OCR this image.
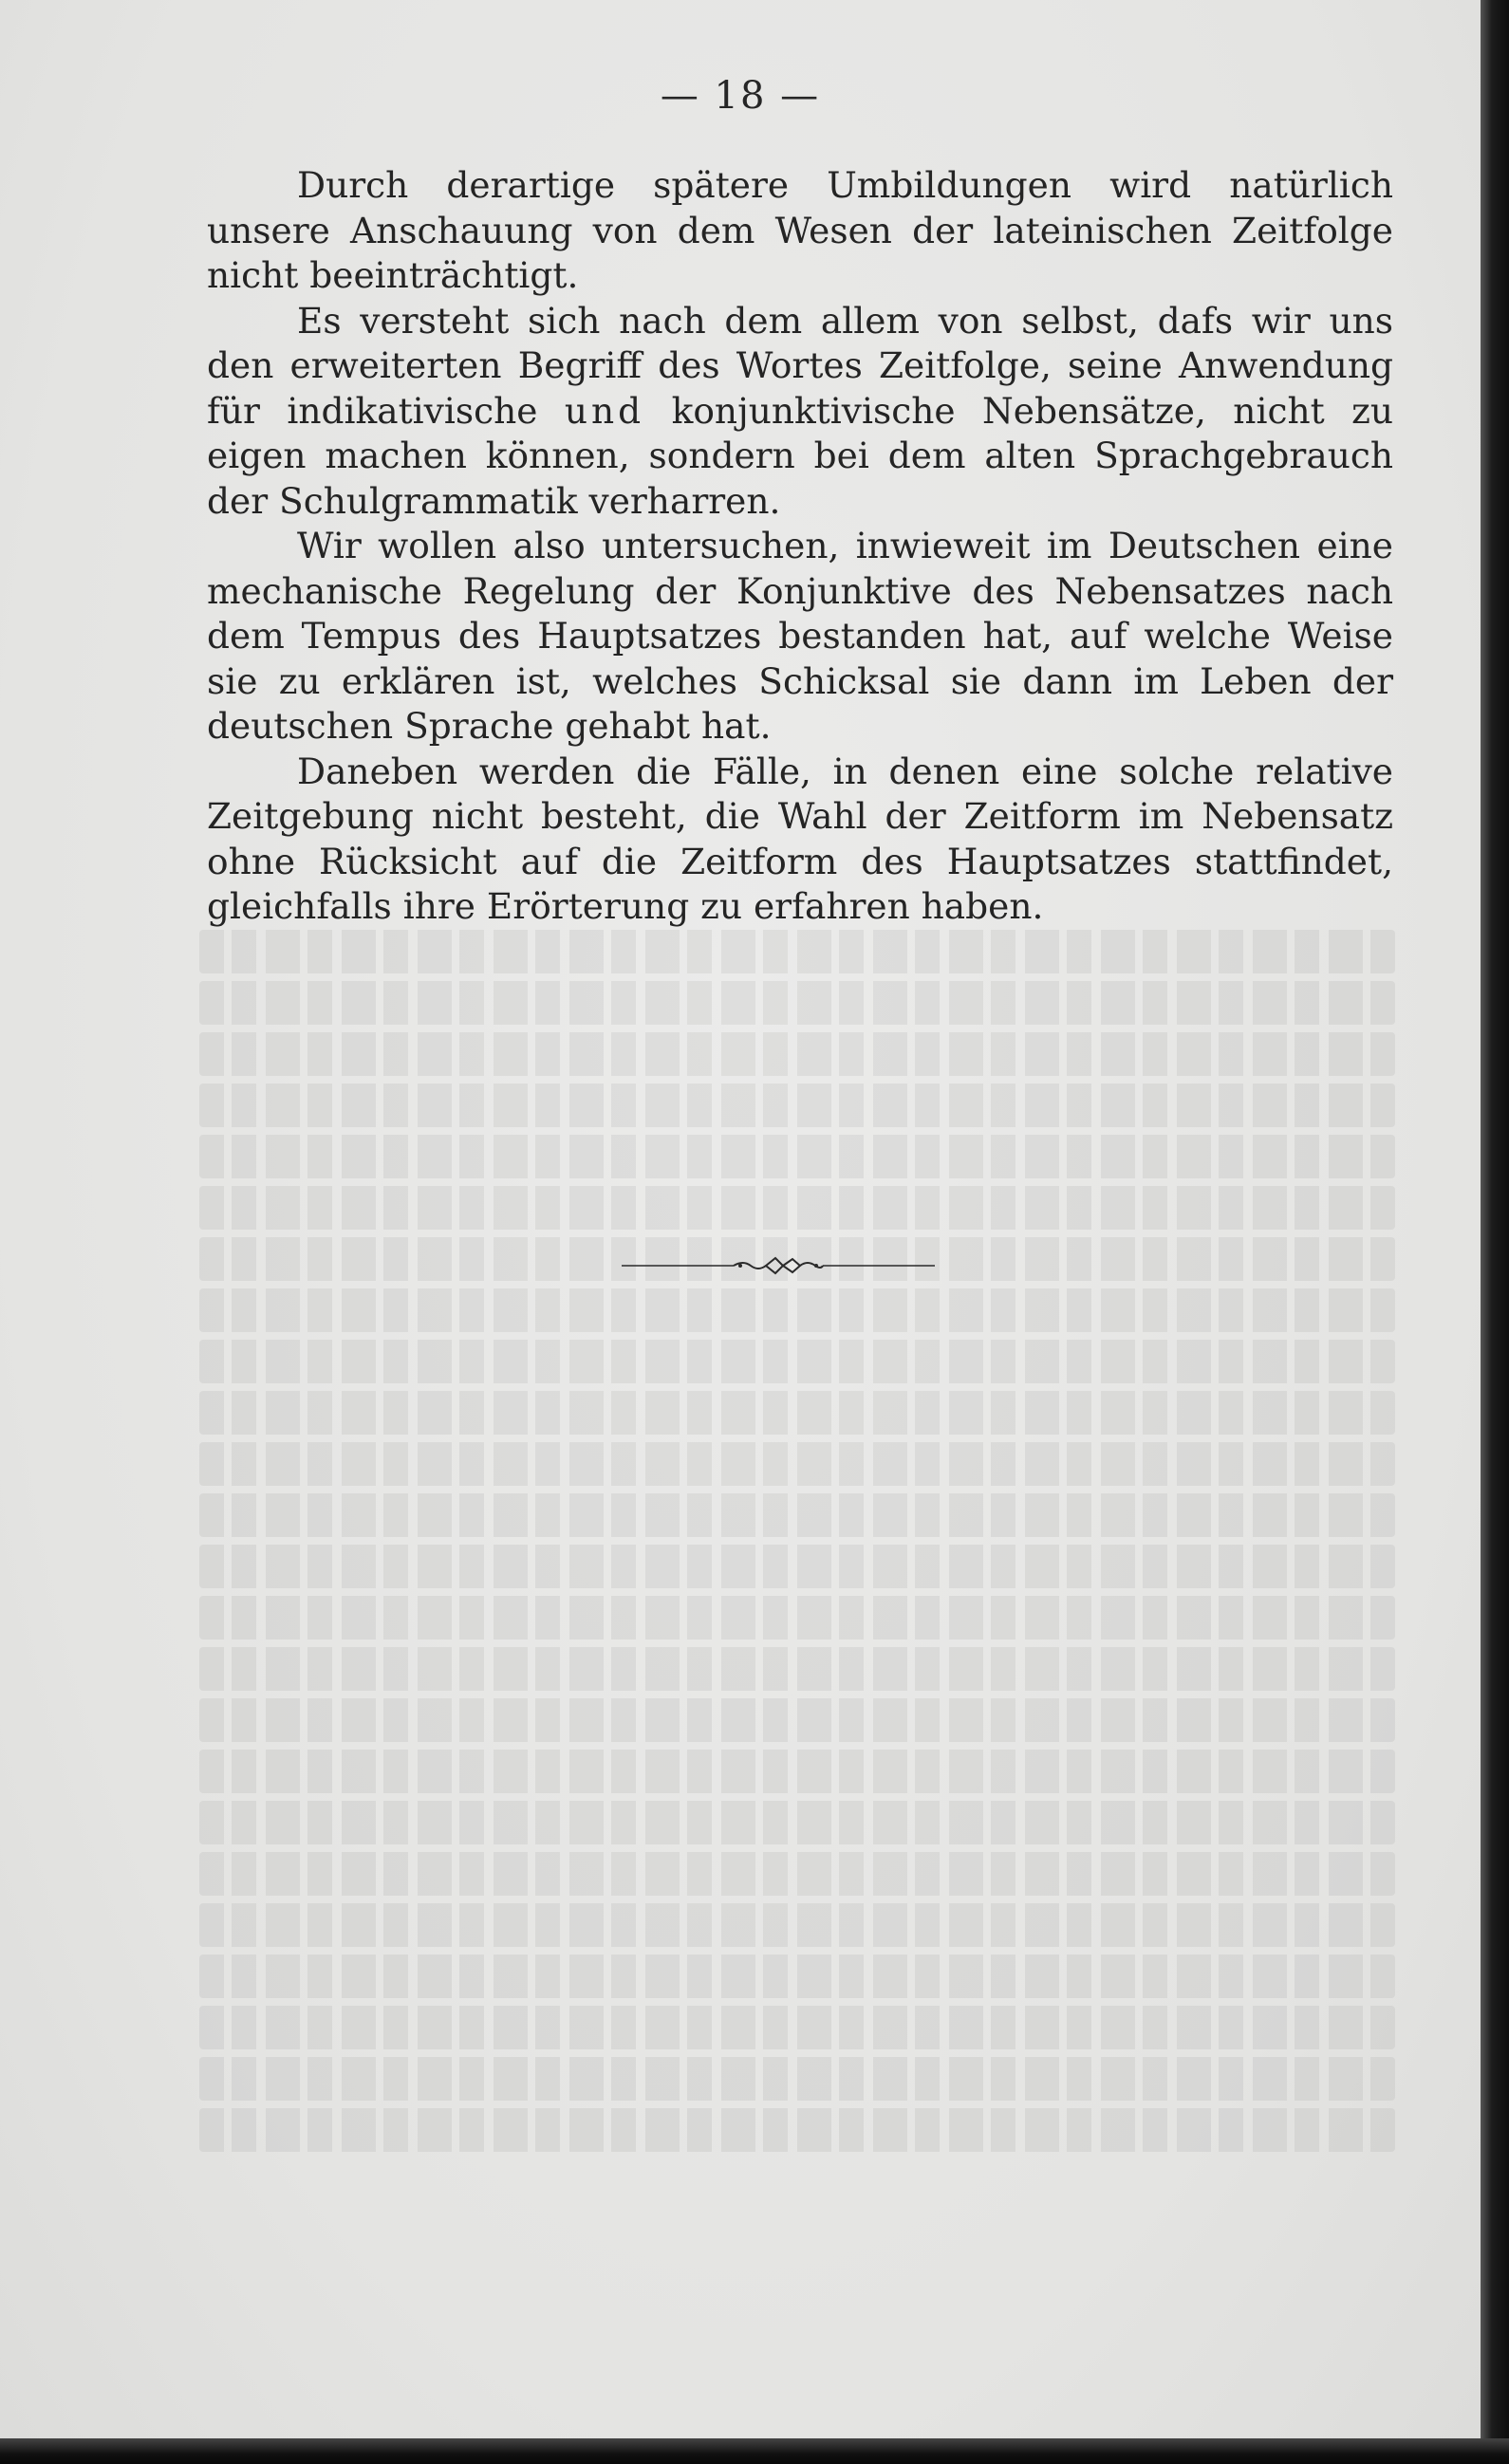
— 18 —

Durch derartige spätere Umbildungen wird natürlich unsere Anschauung von dem Wesen der lateinischen Zeitfolge nicht beeinträchtigt.

Es versteht sich nach dem allem von selbst, dafs wir uns den erweiterten Begriff des Wortes Zeitfolge, seine Anwendung für indikativische und konjunktivische Nebensätze, nicht zu eigen machen können, sondern bei dem alten Sprachgebrauch der Schulgrammatik verharren.

Wir wollen also untersuchen, inwieweit im Deutschen eine mechanische Regelung der Konjunktive des Nebensatzes nach dem Tempus des Hauptsatzes bestanden hat, auf welche Weise sie zu erklären ist, welches Schicksal sie dann im Leben der deutschen Sprache gehabt hat.

Daneben werden die Fälle, in denen eine solche relative Zeitgebung nicht besteht, die Wahl der Zeitform im Nebensatz ohne Rücksicht auf die Zeitform des Hauptsatzes stattfindet, gleichfalls ihre Erörterung zu erfahren haben.
